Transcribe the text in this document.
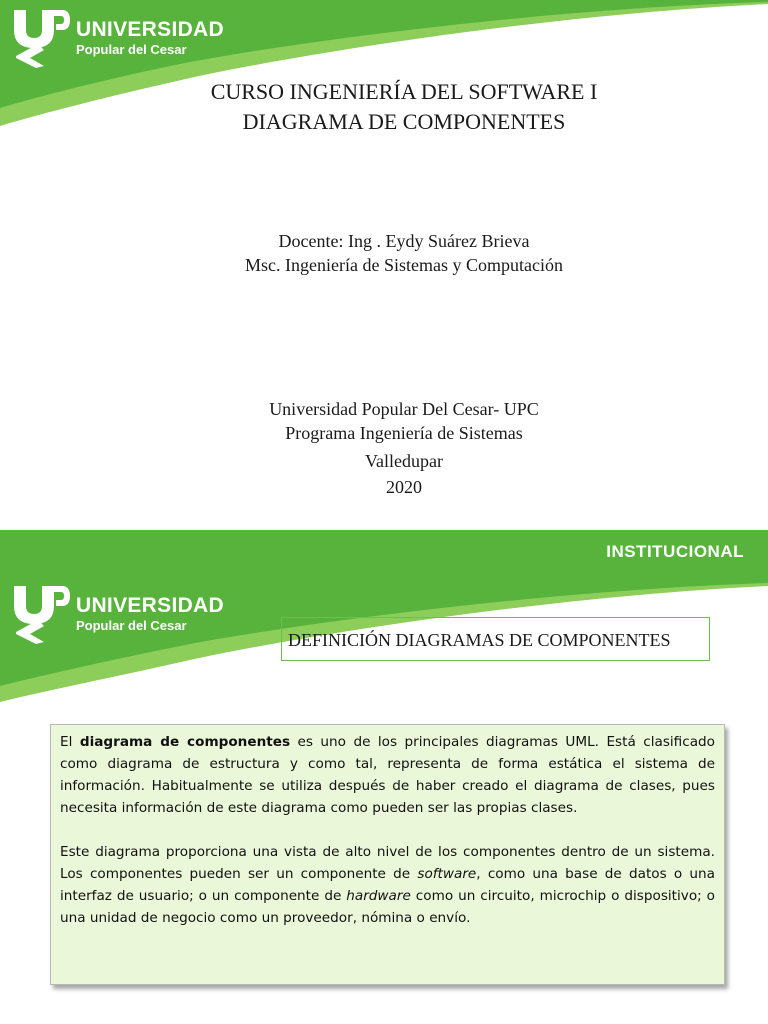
UNIVERSIDAD
Popular del Cesar
CURSO INGENIERÍA DEL SOFTWARE I
DIAGRAMA DE COMPONENTES
Docente: Ing . Eydy Suárez Brieva
Msc. Ingeniería de Sistemas y Computación
Universidad Popular Del Cesar- UPC
Programa Ingeniería de Sistemas
Valledupar
2020
INSTITUCIONAL
UNIVERSIDAD
Popular del Cesar
DEFINICIÓN DIAGRAMAS DE COMPONENTES

El diagrama de componentes es uno de los principales diagramas UML. Está clasificado como diagrama de estructura y como tal, representa de forma estática el sistema de información. Habitualmente se utiliza después de haber creado el diagrama de clases, pues necesita información de este diagrama como pueden ser las propias clases.

Este diagrama proporciona una vista de alto nivel de los componentes dentro de un sistema. Los componentes pueden ser un componente de software, como una base de datos o una interfaz de usuario; o un componente de hardware como un circuito, microchip o dispositivo; o una unidad de negocio como un proveedor, nómina o envío.
